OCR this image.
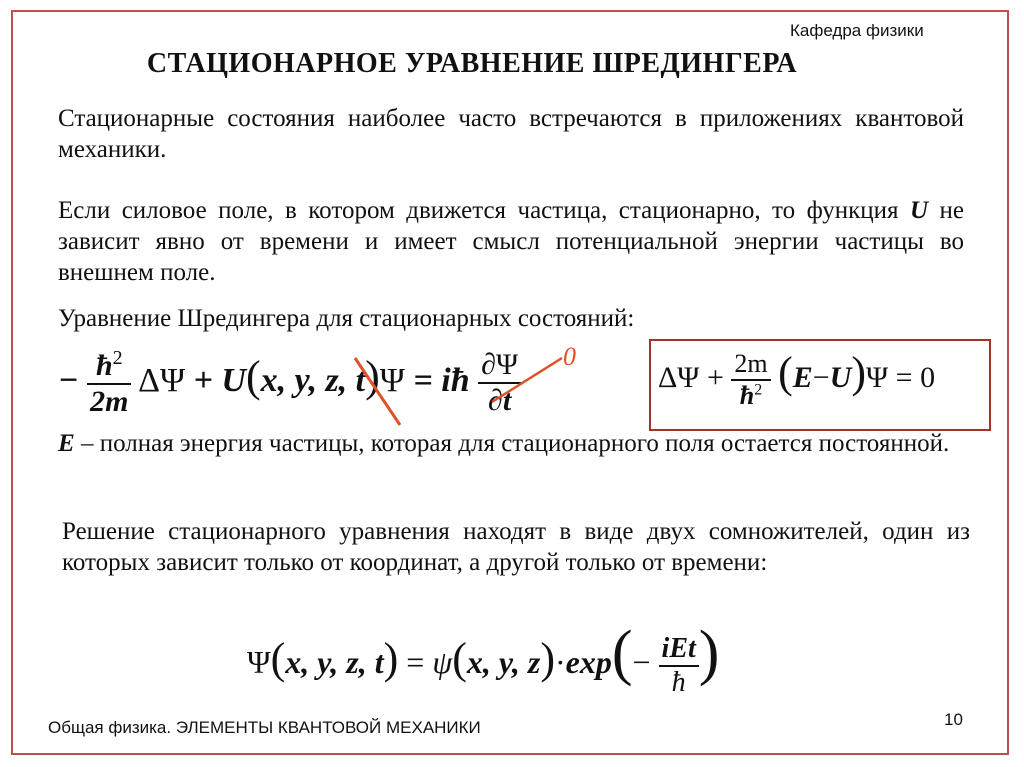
Кафедра физики
СТАЦИОНАРНОЕ УРАВНЕНИЕ ШРЕДИНГЕРА
Стационарные состояния наиболее часто встречаются в приложениях квантовой механики.
Если силовое поле, в котором движется частица, стационарно, то функция U не зависит явно от времени и имеет смысл потенциальной энергии частицы во внешнем поле.
Уравнение Шредингера для стационарных состояний:
− $\frac{ħ^2}{2m}$ ΔΨ + U(x, y, z, t)Ψ = iħ $\frac{\partial\Psi}{\partial t} 0$
$\Delta\Psi + \frac{2m}{ħ^2} (E-U)\Psi = 0$
E – полная энергия частицы, которая для стационарного поля остается постоянной.
Решение стационарного уравнения находят в виде двух сомножителей, один из которых зависит только от координат, а другой только от времени:
Ψ(x, y, z, t) = ψ(x, y, $z)\cdot\exp(- \frac{\text{iEt}}{ħ}$ )
Общая физика. ЭЛЕМЕНТЫ КВАНТОВОЙ МЕХАНИКИ	10
